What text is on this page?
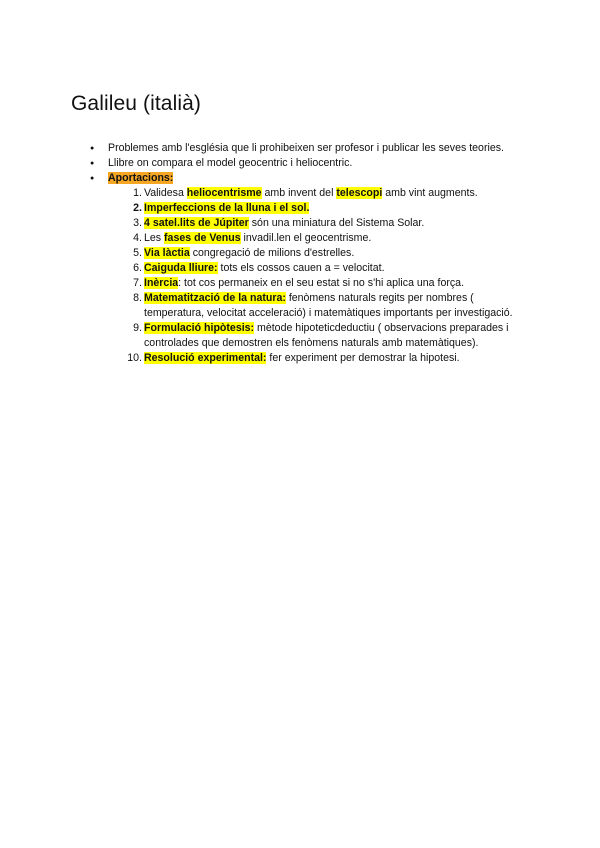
Galileu (italià)
● Problemes amb l'església que li prohibeixen ser profesor i publicar les seves teories.
● Llibre on compara el model geocentric i heliocentric.
● Aportacions:
1. Validesa heliocentrisme amb invent del telescopi amb vint augments.
2. Imperfeccions de la lluna i el sol.
3. 4 satel.lits de Júpiter són una miniatura del Sistema Solar.
4. Les fases de Venus invadil.len el geocentrisme.
5. Via làctia congregació de milions d'estrelles.
6. Caiguda lliure: tots els cossos cauen a = velocitat.
7. Inèrcia: tot cos permaneix en el seu estat si no s'hi aplica una força.
8. Matematització de la natura: fenòmens naturals regits per nombres ( temperatura, velocitat acceleració) i matemàtiques importants per investigació.
9. Formulació hipòtesis: mètode hipoteticdeductiu ( observacions preparades i controlades que demostren els fenòmens naturals amb matemàtiques).
10. Resolució experimental: fer experiment per demostrar la hipotesi.
